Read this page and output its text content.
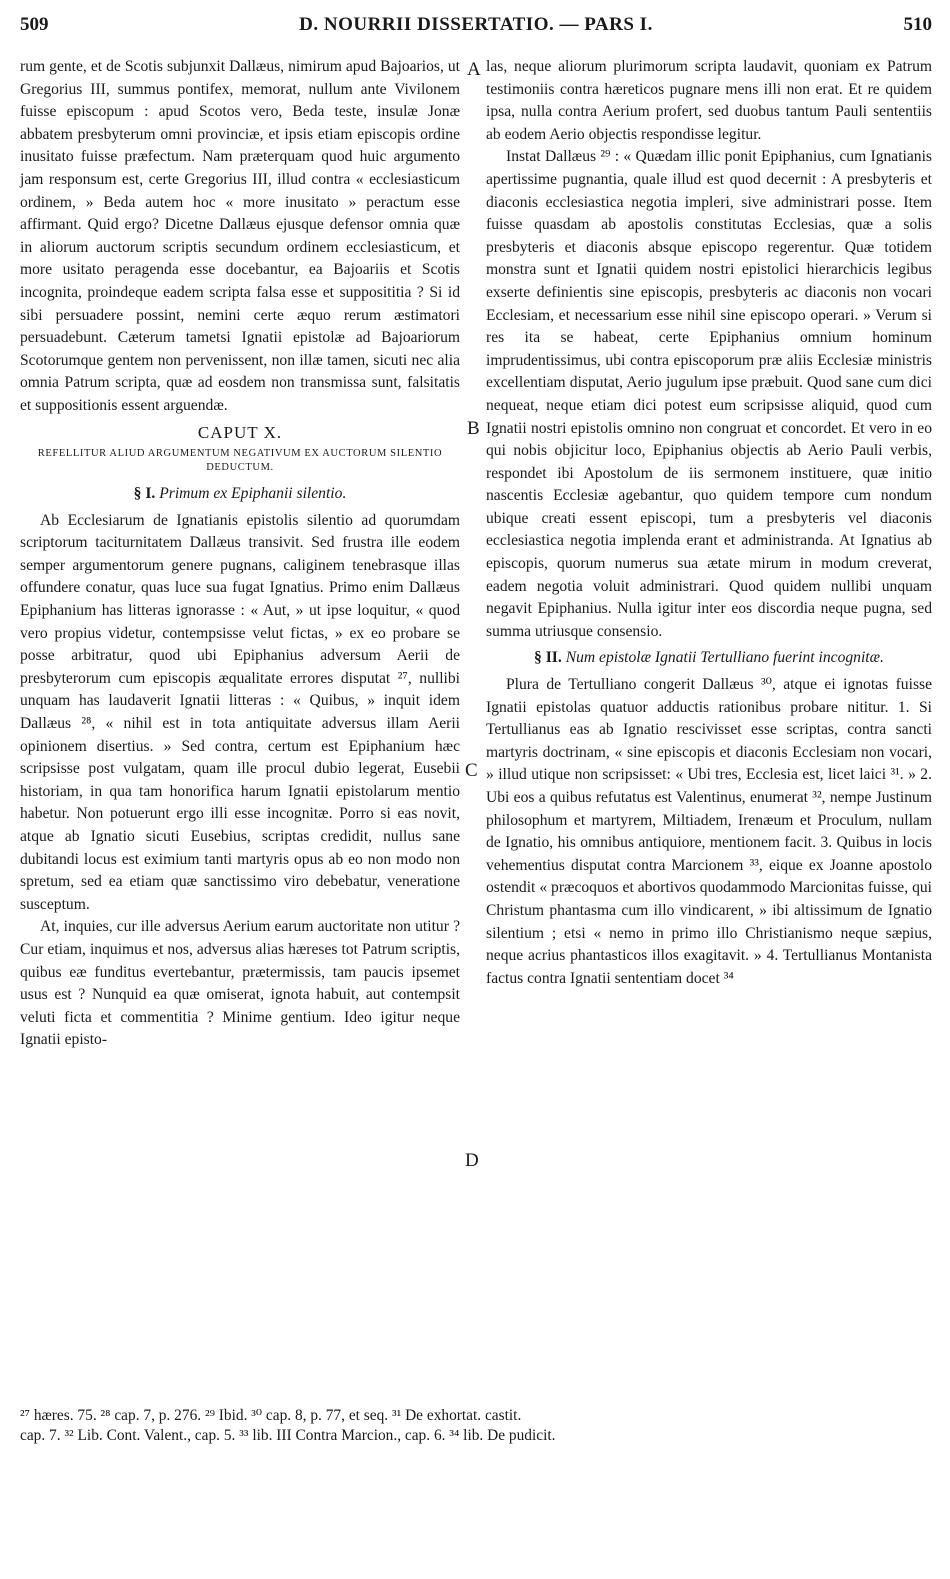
509	D. NOURRII DISSERTATIO. — PARS I.	510

rum gente, et de Scotis subjunxit Dallæus, nimirum apud Bajoarios, ut Gregorius III, summus pontifex, memorat, nullum ante Vivilonem fuisse episcopum : apud Scotos vero, Beda teste, insulæ Jonæ abbatem presbyterum omni provinciæ, et ipsis etiam episcopis ordine inusitato fuisse præfectum. Nam præterquam quod huic argumento jam responsum est, certe Gregorius III, illud contra « ecclesiasticum ordinem, » Beda autem hoc « more inusitato » peractum esse affirmant. Quid ergo? Dicetne Dallæus ejusque defensor omnia quæ in aliorum auctorum scriptis secundum ordinem ecclesiasticum, et more usitato peragenda esse docebantur, ea Bajoariis et Scotis incognita, proindeque eadem scripta falsa esse et supposititia ? Si id sibi persuadere possint, nemini certe æquo rerum æstimatori persuadebunt. Cæterum tametsi Ignatii epistolæ ad Bajoariorum Scotorumque gentem non pervenissent, non illæ tamen, sicuti nec alia omnia Patrum scripta, quæ ad eosdem non transmissa sunt, falsitatis et suppositionis essent arguendæ.

CAPUT X.
REFELLITUR ALIUD ARGUMENTUM NEGATIVUM EX AUCTORUM SILENTIO DEDUCTUM.
§ I. Primum ex Epiphanii silentio.

Ab Ecclesiarum de Ignatianis epistolis silentio ad quorumdam scriptorum taciturnitatem Dallæus transivit. Sed frustra ille eodem semper argumentorum genere pugnans, caliginem tenebrasque illas offundere conatur, quas luce sua fugat Ignatius. Primo enim Dallæus Epiphanium has litteras ignorasse : « Aut, » ut ipse loquitur, « quod vero propius videtur, contempsisse velut fictas, » ex eo probare se posse arbitratur, quod ubi Epiphanius adversum Aerii de presbyterorum cum episcopis æqualitate errores disputat ²⁷, nullibi unquam has laudaverit Ignatii litteras : « Quibus, » inquit idem Dallæus ²⁸, « nihil est in tota antiquitate adversus illam Aerii opinionem disertius. » Sed contra, certum est Epiphanium hæc scripsisse post vulgatam, quam ille procul dubio legerat, Eusebii historiam, in qua tam honorifica harum Ignatii epistolarum mentio habetur. Non potuerunt ergo illi esse incognitæ. Porro si eas novit, atque ab Ignatio sicuti Eusebius, scriptas credidit, nullus sane dubitandi locus est eximium tanti martyris opus ab eo non modo non spretum, sed ea etiam quæ sanctissimo viro debebatur, veneratione susceptum.

At, inquies, cur ille adversus Aerium earum auctoritate non utitur ? Cur etiam, inquimus et nos, adversus alias hæreses tot Patrum scriptis, quibus eæ funditus evertebantur, prætermissis, tam paucis ipsemet usus est ? Nunquid ea quæ omiserat, ignota habuit, aut contempsit veluti ficta et commentitia ? Minime gentium. Ideo igitur neque Ignatii episto-

A
B
C
D

las, neque aliorum plurimorum scripta laudavit, quoniam ex Patrum testimoniis contra hæreticos pugnare mens illi non erat. Et re quidem ipsa, nulla contra Aerium profert, sed duobus tantum Pauli sententiis ab eodem Aerio objectis respondisse legitur.

Instat Dallæus ²⁹ : « Quædam illic ponit Epiphanius, cum Ignatianis apertissime pugnantia, quale illud est quod decernit : A presbyteris et diaconis ecclesiastica negotia impleri, sive administrari posse. Item fuisse quasdam ab apostolis constitutas Ecclesias, quæ a solis presbyteris et diaconis absque episcopo regerentur. Quæ totidem monstra sunt et Ignatii quidem nostri epistolici hierarchicis legibus exserte definientis sine episcopis, presbyteris ac diaconis non vocari Ecclesiam, et necessarium esse nihil sine episcopo operari. » Verum si res ita se habeat, certe Epiphanius omnium hominum imprudentissimus, ubi contra episcoporum præ aliis Ecclesiæ ministris excellentiam disputat, Aerio jugulum ipse præbuit. Quod sane cum dici nequeat, neque etiam dici potest eum scripsisse aliquid, quod cum Ignatii nostri epistolis omnino non congruat et concordet. Et vero in eo qui nobis objicitur loco, Epiphanius objectis ab Aerio Pauli verbis, respondet ibi Apostolum de iis sermonem instituere, quæ initio nascentis Ecclesiæ agebantur, quo quidem tempore cum nondum ubique creati essent episcopi, tum a presbyteris vel diaconis ecclesiastica negotia implenda erant et administranda. At Ignatius ab episcopis, quorum numerus sua ætate mirum in modum creverat, eadem negotia voluit administrari. Quod quidem nullibi unquam negavit Epiphanius. Nulla igitur inter eos discordia neque pugna, sed summa utriusque consensio.

§ II. Num epistolæ Ignatii Tertulliano fuerint incognitæ.

Plura de Tertulliano congerit Dallæus ³⁰, atque ei ignotas fuisse Ignatii epistolas quatuor adductis rationibus probare nititur. 1. Si Tertullianus eas ab Ignatio rescivisset esse scriptas, contra sancti martyris doctrinam, « sine episcopis et diaconis Ecclesiam non vocari, » illud utique non scripsisset: « Ubi tres, Ecclesia est, licet laici ³¹. » 2. Ubi eos a quibus refutatus est Valentinus, enumerat ³², nempe Justinum philosophum et martyrem, Miltiadem, Irenæum et Proculum, nullam de Ignatio, his omnibus antiquiore, mentionem facit. 3. Quibus in locis vehementius disputat contra Marcionem ³³, eique ex Joanne apostolo ostendit « præcoquos et abortivos quodammodo Marcionitas fuisse, qui Christum phantasma cum illo vindicarent, » ibi altissimum de Ignatio silentium ; etsi « nemo in primo illo Christianismo neque sæpius, neque acrius phantasticos illos exagitavit. » 4. Tertullianus Montanista factus contra Ignatii sententiam docet ³⁴

²⁷ hæres. 75. ²⁸ cap. 7, p. 276. ²⁹ Ibid. ³⁰ cap. 8, p. 77, et seq. ³¹ De exhortat. castit.
cap. 7. ³² Lib. Cont. Valent., cap. 5. ³³ lib. III Contra Marcion., cap. 6. ³⁴ lib. De pudicit.
